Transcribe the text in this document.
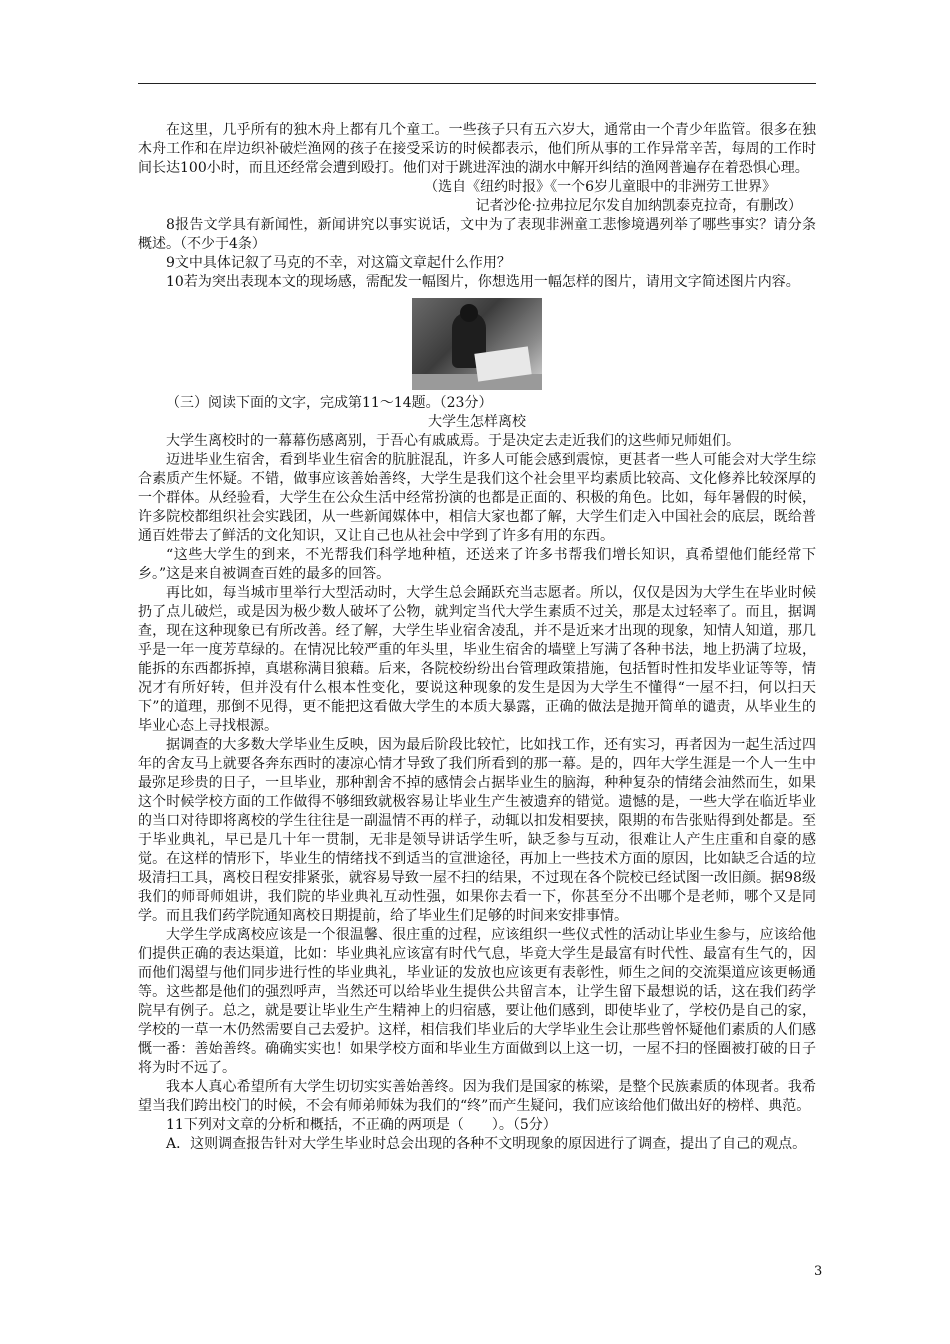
在这里，几乎所有的独木舟上都有几个童工。一些孩子只有五六岁大，通常由一个青少年监管。很多在独木舟工作和在岸边织补破烂渔网的孩子在接受采访的时候都表示，他们所从事的工作异常辛苦，每周的工作时间长达100小时，而且还经常会遭到殴打。他们对于跳进浑浊的湖水中解开纠结的渔网普遍存在着恐惧心理。

（选自《纽约时报》《一个6岁儿童眼中的非洲劳工世界》

记者沙伦·拉弗拉尼尔发自加纳凯泰克拉奇，有删改）

8报告文学具有新闻性，新闻讲究以事实说话，文中为了表现非洲童工悲惨境遇列举了哪些事实？请分条概述。（不少于4条）

9文中具体记叙了马克的不幸，对这篇文章起什么作用？

10若为突出表现本文的现场感，需配发一幅图片，你想选用一幅怎样的图片，请用文字简述图片内容。

（三）阅读下面的文字，完成第11～14题。（23分）

大学生怎样离校

大学生离校时的一幕幕伤感离别，于吾心有戚戚焉。于是决定去走近我们的这些师兄师姐们。

迈进毕业生宿舍，看到毕业生宿舍的肮脏混乱，许多人可能会感到震惊，更甚者一些人可能会对大学生综合素质产生怀疑。不错，做事应该善始善终，大学生是我们这个社会里平均素质比较高、文化修养比较深厚的一个群体。从经验看，大学生在公众生活中经常扮演的也都是正面的、积极的角色。比如，每年暑假的时候，许多院校都组织社会实践团，从一些新闻媒体中，相信大家也都了解，大学生们走入中国社会的底层，既给普通百姓带去了鲜活的文化知识，又让自己也从社会中学到了许多有用的东西。

“这些大学生的到来，不光帮我们科学地种植，还送来了许多书帮我们增长知识，真希望他们能经常下乡。”这是来自被调查百姓的最多的回答。

再比如，每当城市里举行大型活动时，大学生总会踊跃充当志愿者。所以，仅仅是因为大学生在毕业时候扔了点儿破烂，或是因为极少数人破坏了公物，就判定当代大学生素质不过关，那是太过轻率了。而且，据调查，现在这种现象已有所改善。经了解，大学生毕业宿舍凌乱，并不是近来才出现的现象，知情人知道，那几乎是一年一度芳草绿的。在情况比较严重的年头里，毕业生宿舍的墙壁上写满了各种书法，地上扔满了垃圾，能拆的东西都拆掉，真堪称满目狼藉。后来，各院校纷纷出台管理政策措施，包括暂时性扣发毕业证等等，情况才有所好转，但并没有什么根本性变化，要说这种现象的发生是因为大学生不懂得“一屋不扫，何以扫天下”的道理，那倒不见得，更不能把这看做大学生的本质大暴露，正确的做法是抛开简单的谴责，从毕业生的毕业心态上寻找根源。

据调查的大多数大学毕业生反映，因为最后阶段比较忙，比如找工作，还有实习，再者因为一起生活过四年的舍友马上就要各奔东西时的凄凉心情才导致了我们所看到的那一幕。是的，四年大学生涯是一个人一生中最弥足珍贵的日子，一旦毕业，那种割舍不掉的感情会占据毕业生的脑海，种种复杂的情绪会油然而生，如果这个时候学校方面的工作做得不够细致就极容易让毕业生产生被遗弃的错觉。遗憾的是，一些大学在临近毕业的当口对待即将离校的学生往往是一副温情不再的样子，动辄以扣发相要挟，限期的布告张贴得到处都是。至于毕业典礼，早已是几十年一贯制，无非是领导讲话学生听，缺乏参与互动，很难让人产生庄重和自豪的感觉。在这样的情形下，毕业生的情绪找不到适当的宣泄途径，再加上一些技术方面的原因，比如缺乏合适的垃圾清扫工具，离校日程安排紧张，就容易导致一屋不扫的结果，不过现在各个院校已经试图一改旧颜。据98级我们的师哥师姐讲，我们院的毕业典礼互动性强，如果你去看一下，你甚至分不出哪个是老师，哪个又是同学。而且我们药学院通知离校日期提前，给了毕业生们足够的时间来安排事情。

大学生学成离校应该是一个很温馨、很庄重的过程，应该组织一些仪式性的活动让毕业生参与，应该给他们提供正确的表达渠道，比如：毕业典礼应该富有时代气息，毕竟大学生是最富有时代性、最富有生气的，因而他们渴望与他们同步进行性的毕业典礼，毕业证的发放也应该更有表彰性，师生之间的交流渠道应该更畅通等。这些都是他们的强烈呼声，当然还可以给毕业生提供公共留言本，让学生留下最想说的话，这在我们药学院早有例子。总之，就是要让毕业生产生精神上的归宿感，要让他们感到，即使毕业了，学校仍是自己的家，学校的一草一木仍然需要自己去爱护。这样，相信我们毕业后的大学毕业生会让那些曾怀疑他们素质的人们感慨一番：善始善终。确确实实也！如果学校方面和毕业生方面做到以上这一切，一屋不扫的怪圈被打破的日子将为时不远了。

我本人真心希望所有大学生切切实实善始善终。因为我们是国家的栋梁，是整个民族素质的体现者。我希望当我们跨出校门的时候，不会有师弟师妹为我们的“终”而产生疑问，我们应该给他们做出好的榜样、典范。

11下列对文章的分析和概括，不正确的两项是（　　）。（5分）

A．这则调查报告针对大学生毕业时总会出现的各种不文明现象的原因进行了调查，提出了自己的观点。

3
